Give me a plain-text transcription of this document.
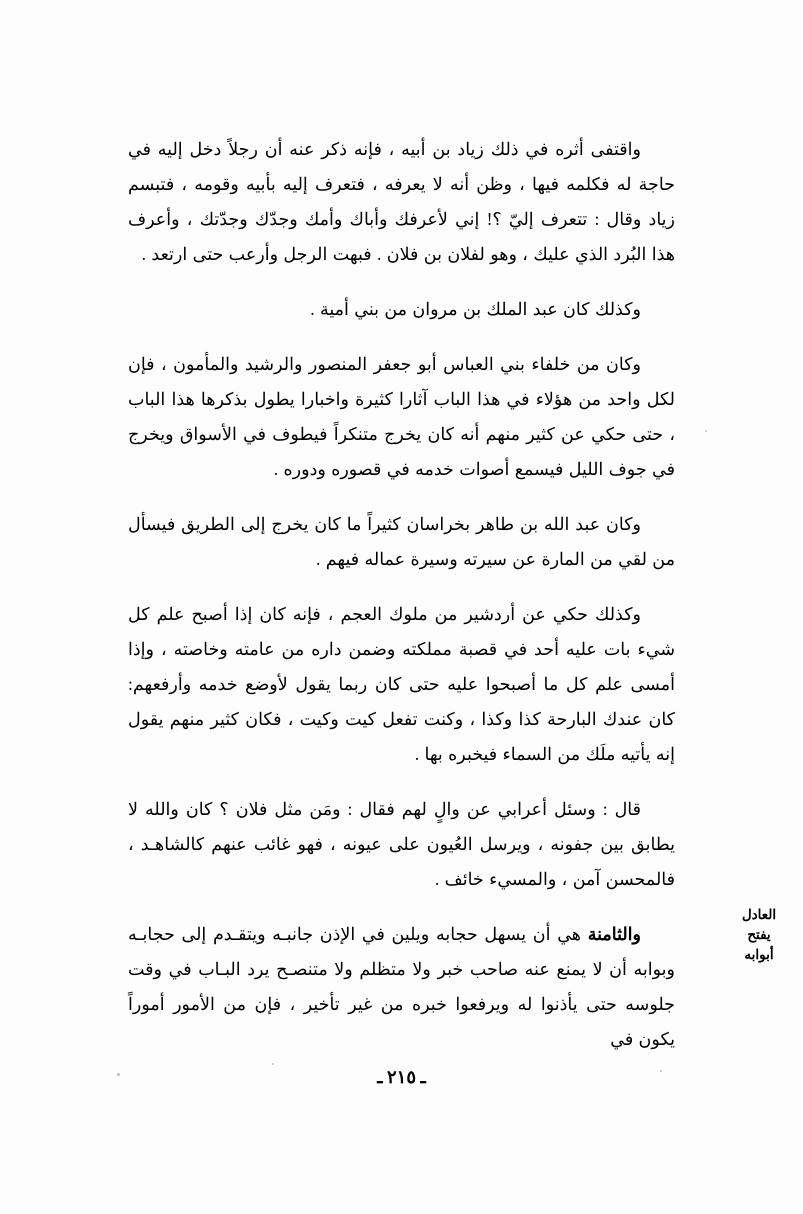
واقتفى أثره في ذلك زياد بن أبيه ، فإنه ذكر عنه أن رجلاً دخل إليه في حاجة له فكلمه فيها ، وظن أنه لا يعرفه ، فتعرف إليه بأبيه وقومه ، فتبسم زياد وقال : تتعرف إليّ ؟! إني لأعرفك وأباك وأمك وجدّك وجدّتك ، وأعرف هذا البُرد الذي عليك ، وهو لفلان بن فلان . فبهت الرجل وأرعب حتى ارتعد .

وكذلك كان عبد الملك بن مروان من بني أمية .

وكان من خلفاء بني العباس أبو جعفر المنصور والرشيد والمأمون ، فإن لكل واحد من هؤلاء في هذا الباب آثارا كثيرة واخبارا يطول بذكرها هذا الباب ، حتى حكي عن كثير منهم أنه كان يخرج متنكراً فيطوف في الأسواق ويخرج في جوف الليل فيسمع أصوات خدمه في قصوره ودوره .

وكان عبد الله بن طاهر بخراسان كثيراً ما كان يخرج إلى الطريق فيسأل من لقي من المارة عن سيرته وسيرة عماله فيهم .

وكذلك حكي عن أردشير من ملوك العجم ، فإنه كان إذا أصبح علم كل شيء بات عليه أحد في قصبة مملكته وضمن داره من عامته وخاصته ، وإذا أمسى علم كل ما أصبحوا عليه حتى كان ربما يقول لأوضع خدمه وأرفعهم: كان عندك البارحة كذا وكذا ، وكنت تفعل كيت وكيت ، فكان كثير منهم يقول إنه يأتيه ملَك من السماء فيخبره بها .

قال : وسئل أعرابي عن والٍ لهم فقال : ومَن مثل فلان ؟ كان والله لا يطابق بين جفونه ، ويرسل العُيون على عيونه ، فهو غائب عنهم كالشاهـد ، فالمحسن آمن ، والمسيء خائف .

والثامنة هي أن يسهل حجابه ويلين في الإذن جانبـه ويتقـدم إلى حجابـه وبوابه أن لا يمنع عنه صاحب خبر ولا متظلم ولا متنصـح يرد البـاب في وقت جلوسه حتى يأذنوا له ويرفعوا خبره من غير تأخير ، فإن من الأمور أموراً يكون في

العادل
يفتح
أبوابه
ـ ٢١٥ ـ
